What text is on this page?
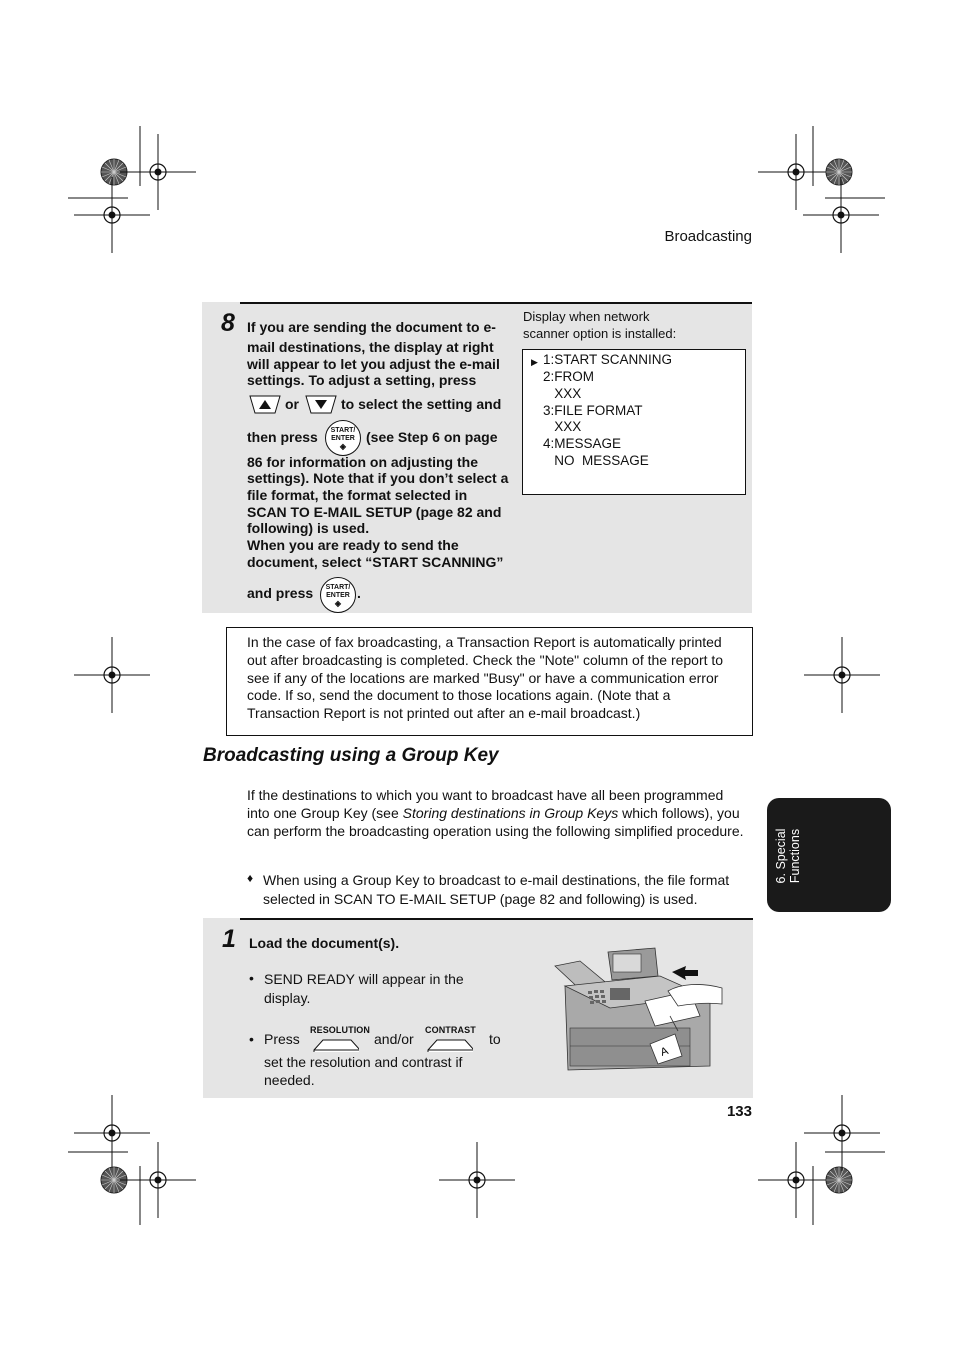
Broadcasting
8 If you are sending the document to e-
mail destinations, the display at right
will appear to let you adjust the e-mail
settings. To adjust a setting, press
or	to select the setting and
then press	START/
ENTER
◈
(see Step 6 on page
86 for information on adjusting the
settings). Note that if you don’t select a
file format, the format selected in
SCAN TO E-MAIL SETUP (page 82 and
following) is used.
When you are ready to send the
document, select “START SCANNING”
and press	START/
ENTER
◈
.
Display when network
scanner option is installed:
▶ 1:START SCANNING
2:FROM
XXX
3:FILE FORMAT
XXX
4:MESSAGE
NO  MESSAGE
In the case of fax broadcasting, a Transaction Report is automatically printed out after broadcasting is completed. Check the "Note" column of the report to see if any of the locations are marked "Busy" or have a communication error code. If so, send the document to those locations again. (Note that a Transaction Report is not printed out after an e-mail broadcast.)
Broadcasting using a Group Key
If the destinations to which you want to broadcast have all been programmed into one Group Key (see Storing destinations in Group Keys which follows), you can perform the broadcasting operation using the following simplified procedure.
♦ When using a Group Key to broadcast to e-mail destinations, the file format selected in SCAN TO E-MAIL SETUP (page 82 and following) is used.
1 Load the document(s).
• SEND READY will appear in the display.
• Press
RESOLUTION
and/or
CONTRAST
to
set the resolution and contrast if needed.
A
133
6. Special Functions
